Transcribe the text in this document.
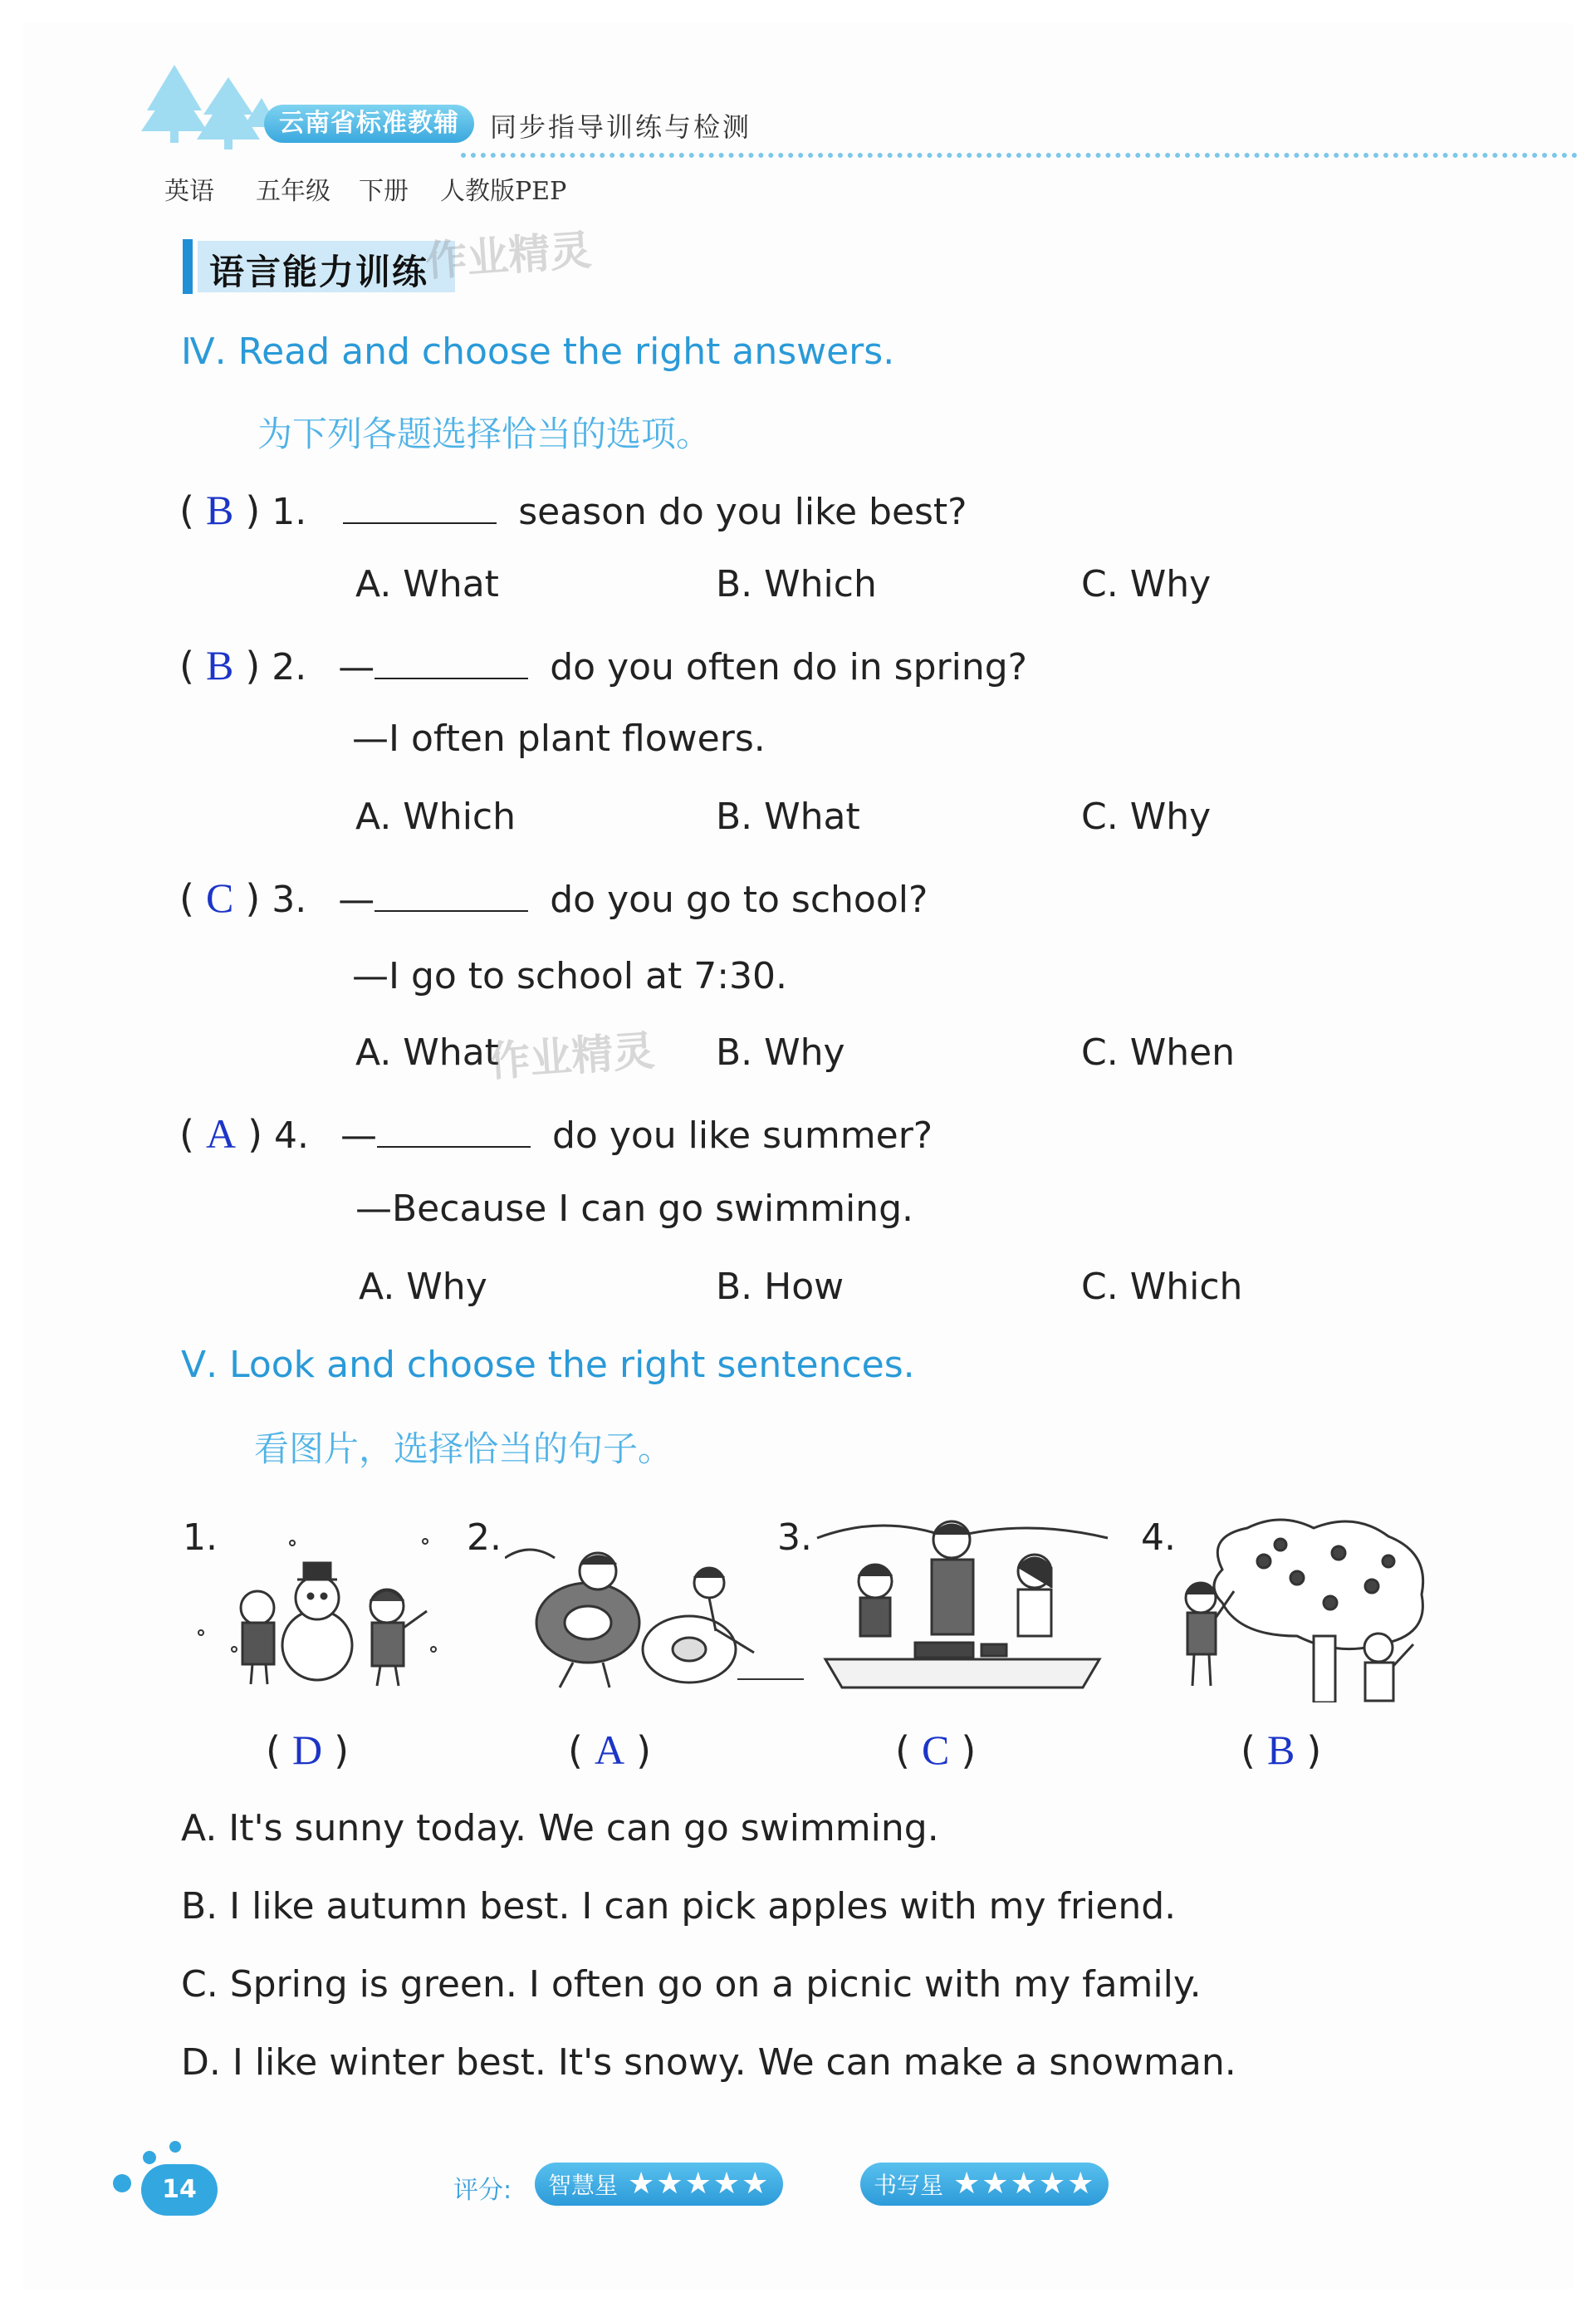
云南省标准教辅	同步指导训练与检测
英语 五年级 下册 人教版PEP
语言能力训练
作业精灵
Ⅳ. Read and choose the right answers.
为下列各题选择恰当的选项。
( B ) 1.	season do you like best?
A. What	B. Which	C. Why
( B ) 2. —	do you often do in spring?
—I often plant flowers.
A. Which	B. What	C. Why
( C ) 3. —	do you go to school?
—I go to school at 7:30.
A. What	B. Why	C. When
作业精灵
( A ) 4. —	do you like summer?
—Because I can go swimming.
A. Why	B. How	C. Which
Ⅴ. Look and choose the right sentences.
看图片，选择恰当的句子。
1.	2.	3.	4.
( D )	( A )	( C )	( B )
A. It's sunny today. We can go swimming.
B. I like autumn best. I can pick apples with my friend.
C. Spring is green. I often go on a picnic with my family.
D. I like winter best. It's snowy. We can make a snowman.
14	评分:	智慧星 ★★★★★	书写星 ★★★★★
